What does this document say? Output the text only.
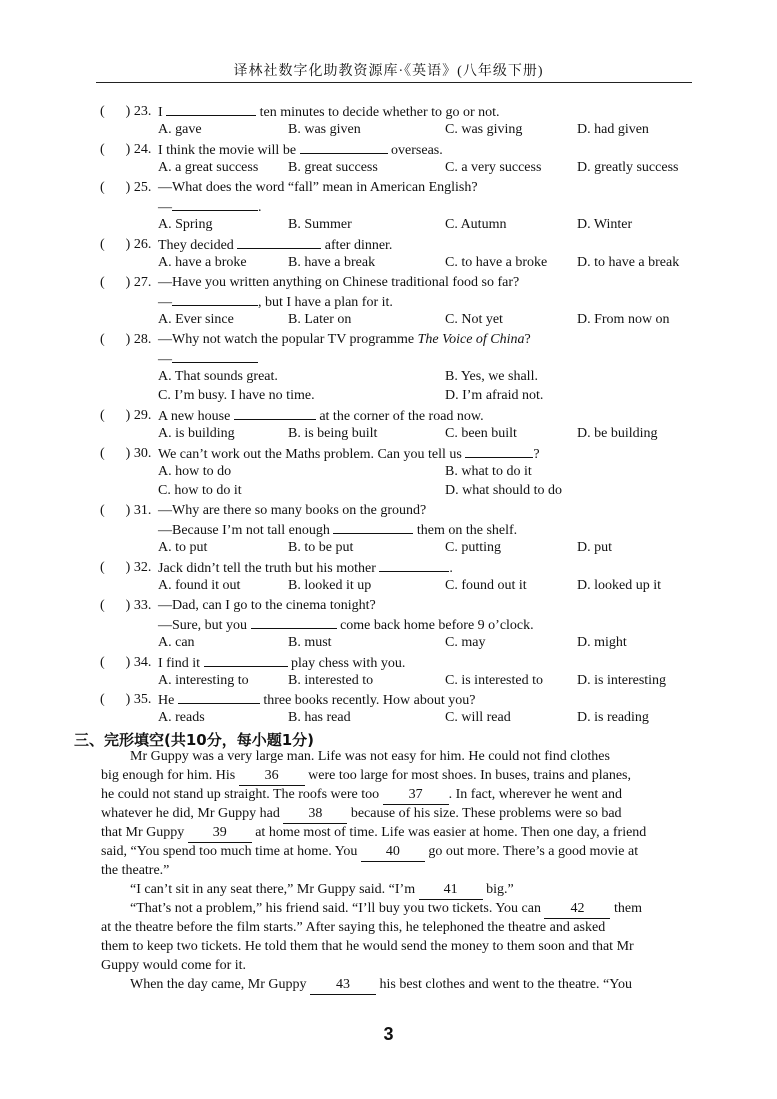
译林社数字化助教资源库·《英语》(八年级下册)
(      ) 23. I	ten minutes to decide whether to go or not.
A. gave	B. was given	C. was giving	D. had given
(      ) 24. I think the movie will be	overseas.
A. a great success B. great success	C. a very success	D. greatly success
(      ) 25. —What does the word “fall” mean in American English?
—	.
A. Spring	B. Summer	C. Autumn	D. Winter
(      ) 26. They decided	after dinner.
A. have a broke	B. have a break	C. to have a broke D. to have a break
(      ) 27. —Have you written anything on Chinese traditional food so far?
—	, but I have a plan for it.
A. Ever since	B. Later on	C. Not yet	D. From now on
(      ) 28. —Why not watch the popular TV programme The Voice of China?
—
A. That sounds great.	B. Yes, we shall.
C. I’m busy. I have no time.	D. I’m afraid not.
(      ) 29. A new house	at the corner of the road now.
A. is building	B. is being built	C. been built	D. be building
(      ) 30. We can’t work out the Maths problem. Can you tell us	?
A. how to do	B. what to do it
C. how to do it	D. what should to do
(      ) 31. —Why are there so many books on the ground?
—Because I’m not tall enough	them on the shelf.
A. to put	B. to be put	C. putting	D. put
(      ) 32. Jack didn’t tell the truth but his mother	.
A. found it out	B. looked it up	C. found out it	D. looked up it
(      ) 33. —Dad, can I go to the cinema tonight?
—Sure, but you	come back home before 9 o’clock.
A. can	B. must	C. may	D. might
(      ) 34. I find it	play chess with you.
A. interesting to	B. interested to	C. is interested to D. is interesting
(      ) 35. He	three books recently. How about you?
A. reads	B. has read	C. will read	D. is reading
三、完形填空(共10分，每小题1分)
Mr Guppy was a very large man. Life was not easy for him. He could not find clothes
big enough for him. His 36 were too large for most shoes. In buses, trains and planes,
he could not stand up straight. The roofs were too 37 . In fact, wherever he went and
whatever he did, Mr Guppy had 38 because of his size. These problems were so bad
that Mr Guppy 39 at home most of time. Life was easier at home. Then one day, a friend
said, “You spend too much time at home. You 40 go out more. There’s a good movie at
the theatre.”
“I can’t sit in any seat there,” Mr Guppy said. “I’m 41 big.”
“That’s not a problem,” his friend said. “I’ll buy you two tickets. You can 42 them
at the theatre before the film starts.” After saying this, he telephoned the theatre and asked
them to keep two tickets. He told them that he would send the money to them soon and that Mr
Guppy would come for it.
When the day came, Mr Guppy 43 his best clothes and went to the theatre. “You
3
